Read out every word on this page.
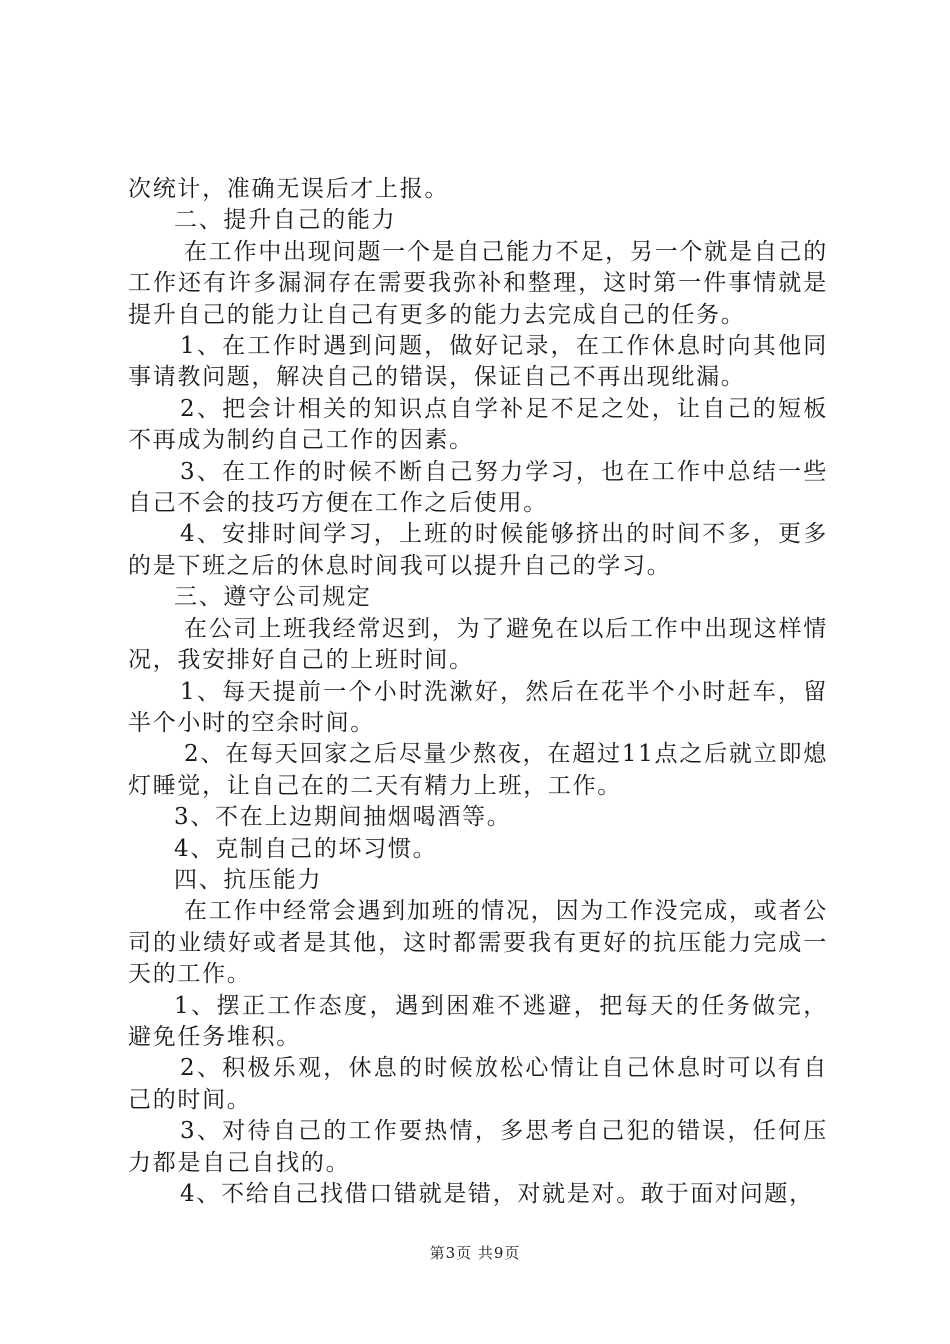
次统计，准确无误后才上报。

二、提升自己的能力

在工作中出现问题一个是自己能力不足，另一个就是自己的工作还有许多漏洞存在需要我弥补和整理，这时第一件事情就是提升自己的能力让自己有更多的能力去完成自己的任务。

1、在工作时遇到问题，做好记录，在工作休息时向其他同事请教问题，解决自己的错误，保证自己不再出现纰漏。

2、把会计相关的知识点自学补足不足之处，让自己的短板不再成为制约自己工作的因素。

3、在工作的时候不断自己努力学习，也在工作中总结一些自己不会的技巧方便在工作之后使用。

4、安排时间学习，上班的时候能够挤出的时间不多，更多的是下班之后的休息时间我可以提升自己的学习。

三、遵守公司规定

在公司上班我经常迟到，为了避免在以后工作中出现这样情况，我安排好自己的上班时间。

1、每天提前一个小时洗漱好，然后在花半个小时赶车，留半个小时的空余时间。

2、在每天回家之后尽量少熬夜，在超过11点之后就立即熄灯睡觉，让自己在的二天有精力上班，工作。

3、不在上边期间抽烟喝酒等。

4、克制自己的坏习惯。

四、抗压能力

在工作中经常会遇到加班的情况，因为工作没完成，或者公司的业绩好或者是其他，这时都需要我有更好的抗压能力完成一天的工作。

1、摆正工作态度，遇到困难不逃避，把每天的任务做完，避免任务堆积。

2、积极乐观，休息的时候放松心情让自己休息时可以有自己的时间。

3、对待自己的工作要热情，多思考自己犯的错误，任何压力都是自己自找的。

4、不给自己找借口错就是错，对就是对。敢于面对问题，

第3页 共9页
